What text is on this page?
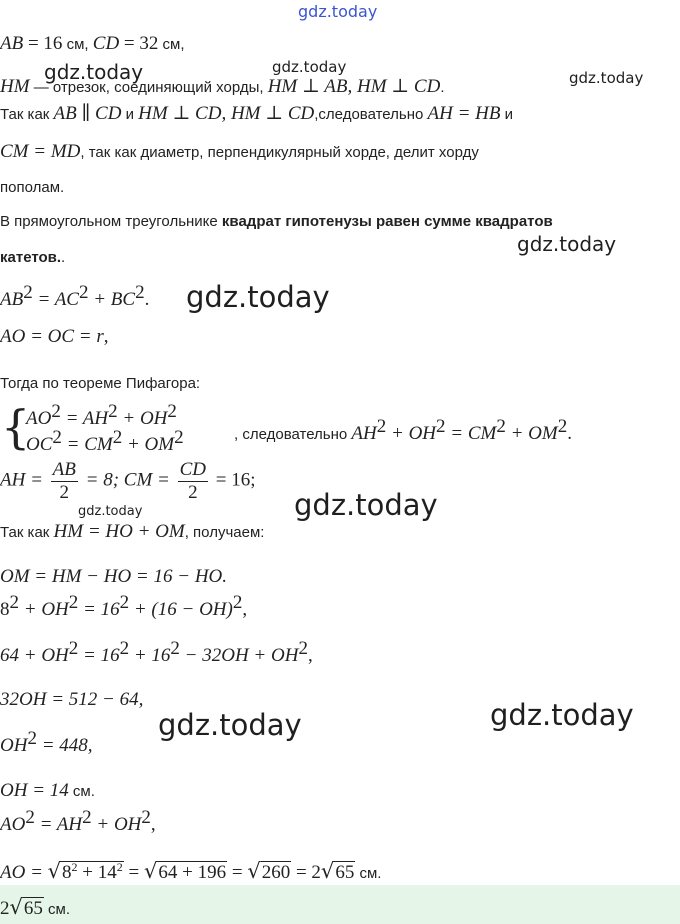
gdz.today
gdz.today	gdz.today
gdz.today
gdz.today
gdz.today
gdz.today	gdz.today
gdz.today	gdz.today
AB = 16 см, CD = 32 см,
HM — отрезок, соединяющий хорды, HM ⊥ AB, HM ⊥ CD.
Так как AB ∥ CD и HM ⊥ CD, HM ⊥ CD,следовательно AH = HB и
CM = MD, так как диаметр, перпендикулярный хорде, делит хорду
пополам.
В прямоугольном треугольнике квадрат гипотенузы равен сумме квадратов
катетов..
$AB^2 = AC^2 + BC^2$.
AO = OC = r,
Тогда по теореме Пифагора:
{
$AO^2 = AH^2 + OH^2$
$OC^2 = CM^2 + OM^2$	, следовательно $AH^2 + OH^2 = CM^2 + OM^2$.
AH = $\frac{AB}{2} = 8$; CM = $\frac{CD}{2} = 16$;
Так как HM = HO + OM, получаем:
OM = HM − HO = 16 − HO.
$8^2 + OH^2 = 16^2 + (16 - OH)^2$,
$64 + OH^2 = 16^2 + 16^2 - 32OH + OH^2$,
32OH = 512 − 64,
$OH^2 = 448$,
OH = 14 см.
$AO^2 = AH^2 + OH^2$,
AO = $√8^2 + 14^2 = √64 + 196 = √260 = 2√65$ см.
2√65 см.
